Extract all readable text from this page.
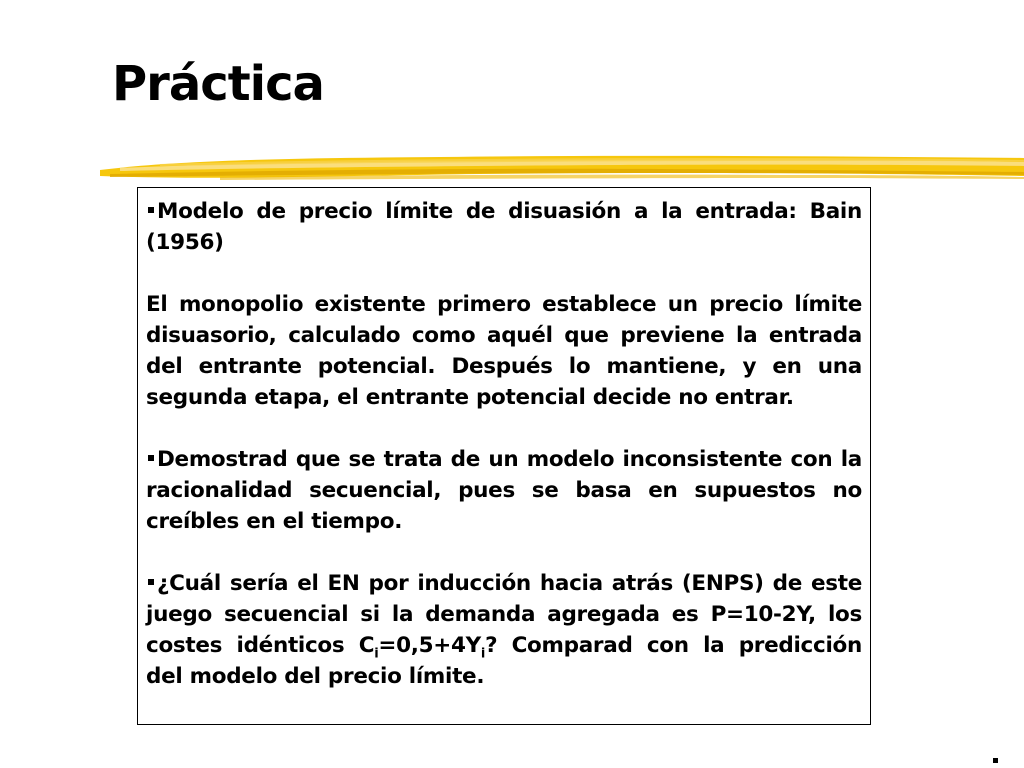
Práctica

Modelo de precio límite de disuasión a la entrada: Bain (1956)

El monopolio existente primero establece un precio límite disuasorio, calculado como aquél que previene la entrada del entrante potencial. Después lo mantiene, y en una segunda etapa, el entrante potencial decide no entrar.

Demostrad que se trata de un modelo inconsistente con la racionalidad secuencial, pues se basa en supuestos no creíbles en el tiempo.

¿Cuál sería el EN por inducción hacia atrás (ENPS) de este juego secuencial si la demanda agregada es P=10-2Y, los costes idénticos $C_i=0,5+4Y_i$? Comparad con la predicción del modelo del precio límite.
